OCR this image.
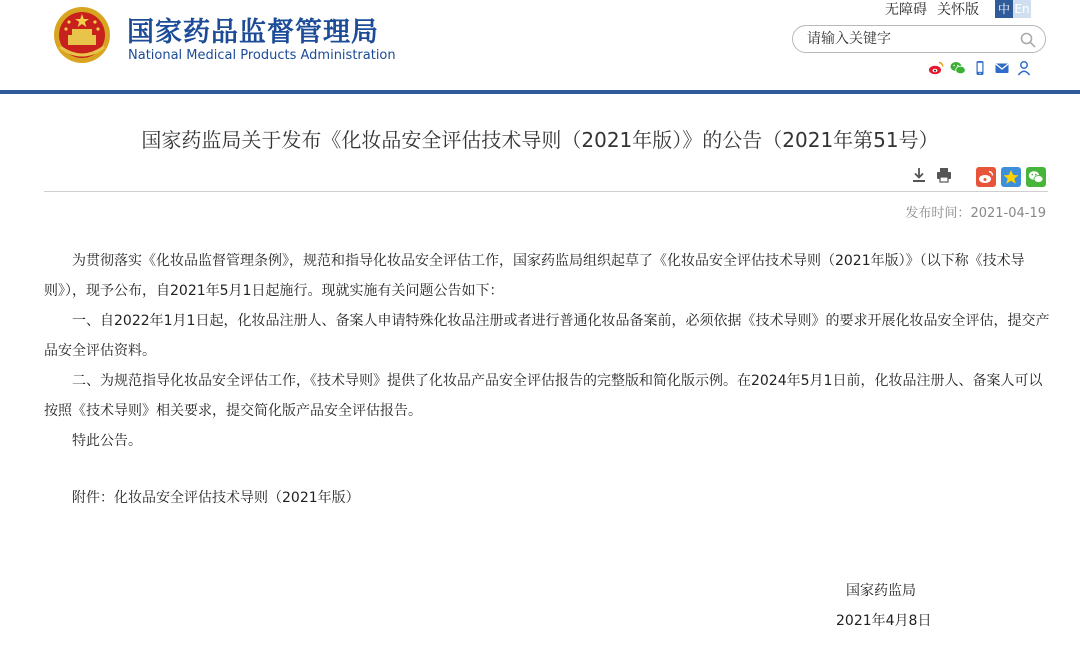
国家药品监督管理局
National Medical Products Administration
无障碍 关怀版 中 En
请输入关键字
国家药监局关于发布《化妆品安全评估技术导则（2021年版）》的公告（2021年第51号）
发布时间：2021-04-19

为贯彻落实《化妆品监督管理条例》，规范和指导化妆品安全评估工作，国家药监局组织起草了《化妆品安全评估技术导则（2021年版）》（以下称《技术导则》），现予公布，自2021年5月1日起施行。现就实施有关问题公告如下：

一、自2022年1月1日起，化妆品注册人、备案人申请特殊化妆品注册或者进行普通化妆品备案前，必须依据《技术导则》的要求开展化妆品安全评估，提交产品安全评估资料。

二、为规范指导化妆品安全评估工作，《技术导则》提供了化妆品产品安全评估报告的完整版和简化版示例。在2024年5月1日前，化妆品注册人、备案人可以按照《技术导则》相关要求，提交简化版产品安全评估报告。

特此公告。

附件：化妆品安全评估技术导则（2021年版）
国家药监局
2021年4月8日
